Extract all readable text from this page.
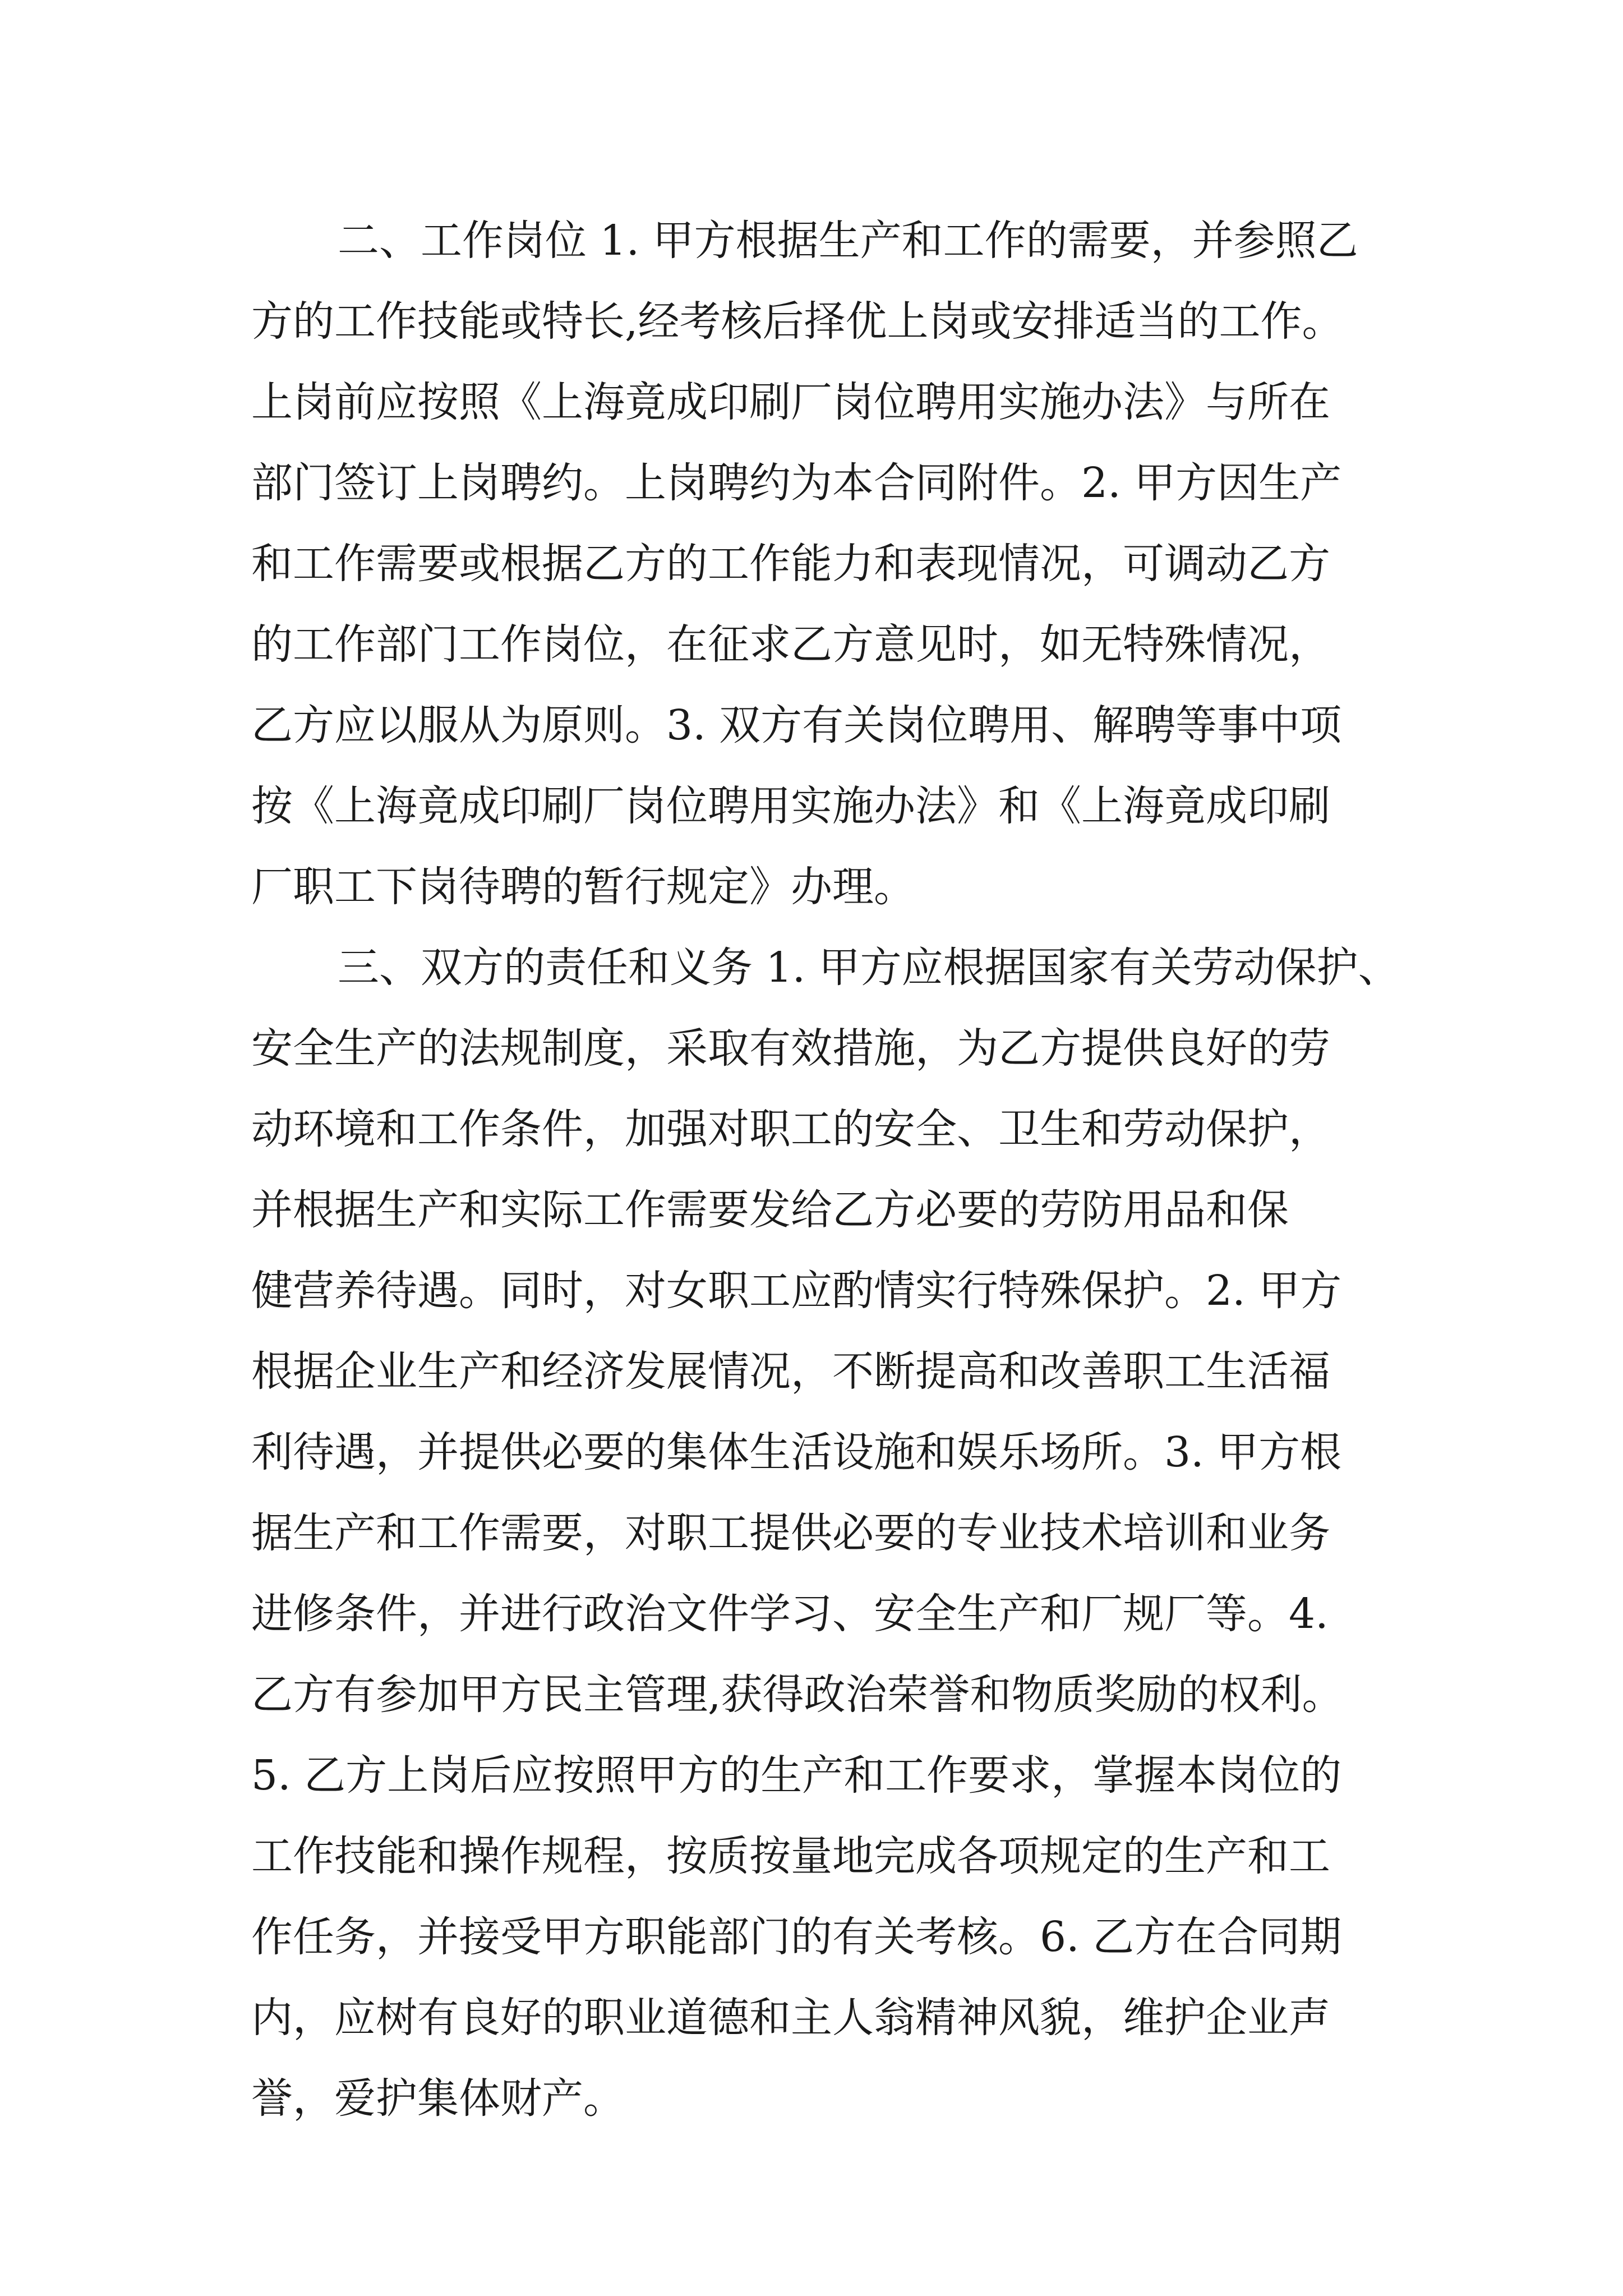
二、工作岗位 1. 甲方根据生产和工作的需要，并参照乙
方的工作技能或特长,经考核后择优上岗或安排适当的工作。
上岗前应按照《上海竟成印刷厂岗位聘用实施办法》与所在
部门签订上岗聘约。上岗聘约为本合同附件。2. 甲方因生产
和工作需要或根据乙方的工作能力和表现情况，可调动乙方
的工作部门工作岗位，在征求乙方意见时，如无特殊情况，
乙方应以服从为原则。3. 双方有关岗位聘用、解聘等事中项
按《上海竟成印刷厂岗位聘用实施办法》和《上海竟成印刷
厂职工下岗待聘的暂行规定》办理。
三、双方的责任和义务 1. 甲方应根据国家有关劳动保护、
安全生产的法规制度，采取有效措施，为乙方提供良好的劳
动环境和工作条件，加强对职工的安全、卫生和劳动保护，
并根据生产和实际工作需要发给乙方必要的劳防用品和保
健营养待遇。同时，对女职工应酌情实行特殊保护。2. 甲方
根据企业生产和经济发展情况，不断提高和改善职工生活福
利待遇，并提供必要的集体生活设施和娱乐场所。3. 甲方根
据生产和工作需要，对职工提供必要的专业技术培训和业务
进修条件，并进行政治文件学习、安全生产和厂规厂等。4.
乙方有参加甲方民主管理,获得政治荣誉和物质奖励的权利。
5. 乙方上岗后应按照甲方的生产和工作要求，掌握本岗位的
工作技能和操作规程，按质按量地完成各项规定的生产和工
作任务，并接受甲方职能部门的有关考核。6. 乙方在合同期
内，应树有良好的职业道德和主人翁精神风貌，维护企业声
誉，爱护集体财产。
